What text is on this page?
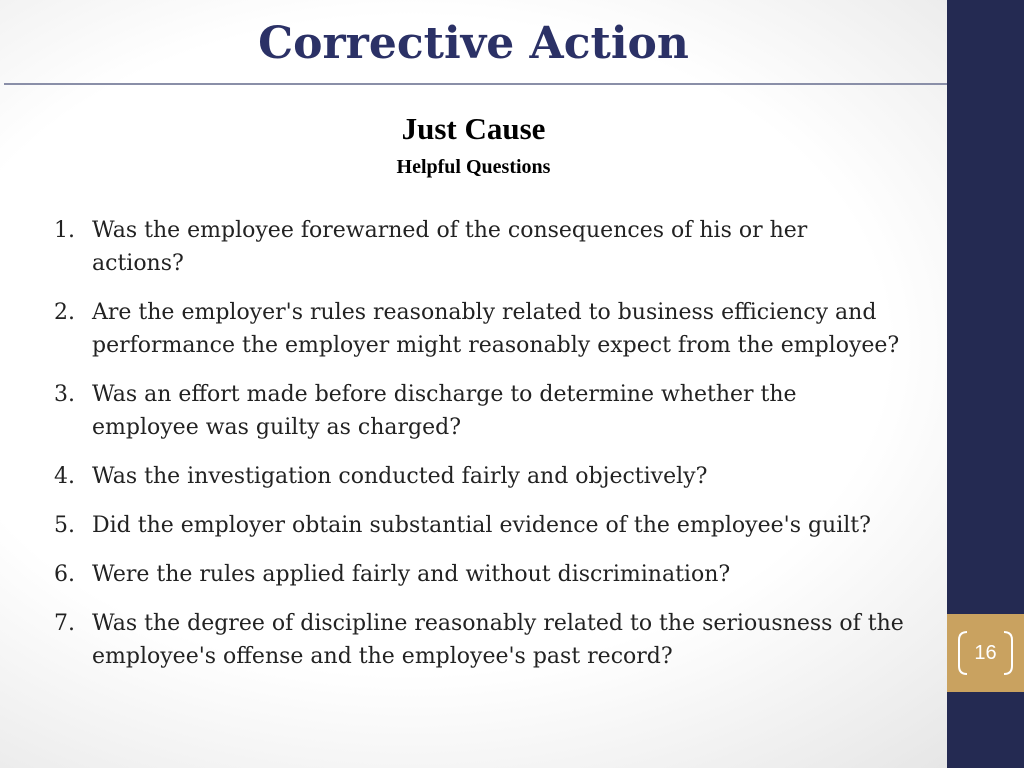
Corrective Action
Just Cause
Helpful Questions
1. Was the employee forewarned of the consequences of his or her actions?
2. Are the employer's rules reasonably related to business efficiency and performance the employer might reasonably expect from the employee?
3. Was an effort made before discharge to determine whether the employee was guilty as charged?
4. Was the investigation conducted fairly and objectively?
5. Did the employer obtain substantial evidence of the employee's guilt?
6. Were the rules applied fairly and without discrimination?
7. Was the degree of discipline reasonably related to the seriousness of the employee's offense and the employee's past record?	16
